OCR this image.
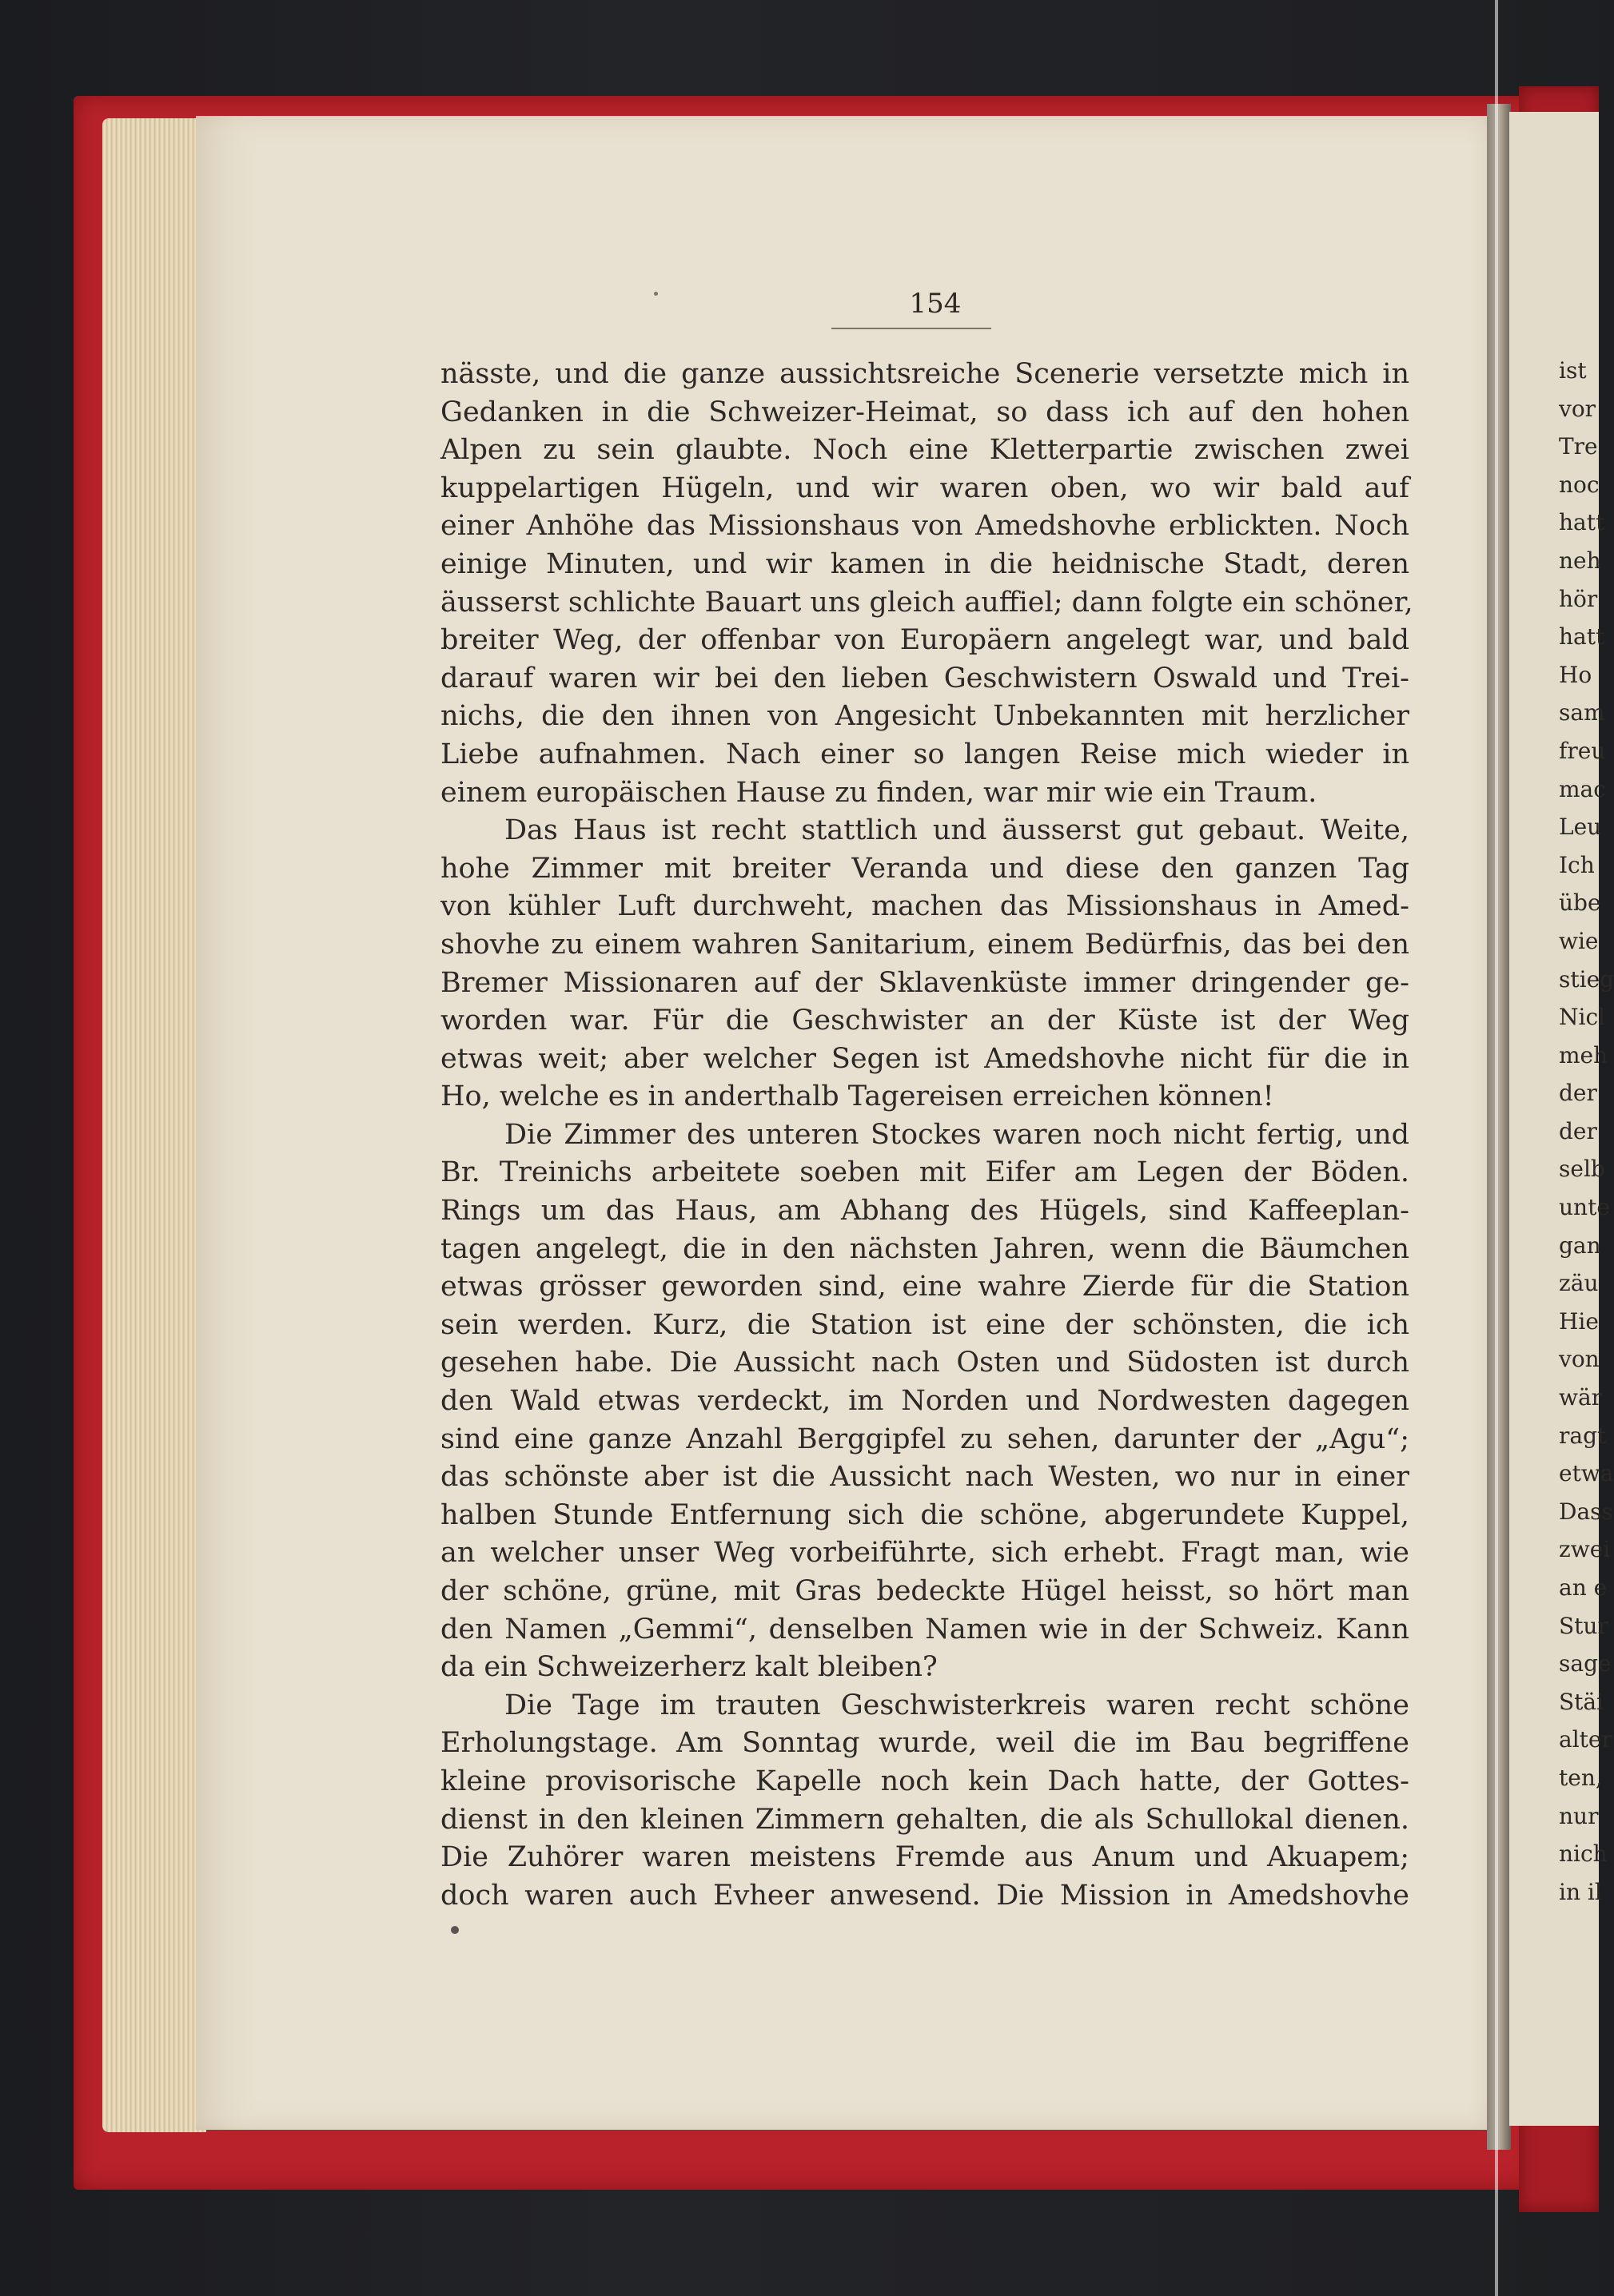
154
nässte, und die ganze aussichtsreiche Scenerie versetzte mich in
Gedanken in die Schweizer-Heimat, so dass ich auf den hohen
Alpen zu sein glaubte. Noch eine Kletterpartie zwischen zwei
kuppelartigen Hügeln, und wir waren oben, wo wir bald auf
einer Anhöhe das Missionshaus von Amedshovhe erblickten. Noch
einige Minuten, und wir kamen in die heidnische Stadt, deren
äusserst schlichte Bauart uns gleich auffiel; dann folgte ein schöner,
breiter Weg, der offenbar von Europäern angelegt war, und bald
darauf waren wir bei den lieben Geschwistern Oswald und Trei-
nichs, die den ihnen von Angesicht Unbekannten mit herzlicher
Liebe aufnahmen. Nach einer so langen Reise mich wieder in
einem europäischen Hause zu finden, war mir wie ein Traum.
Das Haus ist recht stattlich und äusserst gut gebaut. Weite,
hohe Zimmer mit breiter Veranda und diese den ganzen Tag
von kühler Luft durchweht, machen das Missionshaus in Amed-
shovhe zu einem wahren Sanitarium, einem Bedürfnis, das bei den
Bremer Missionaren auf der Sklavenküste immer dringender ge-
worden war. Für die Geschwister an der Küste ist der Weg
etwas weit; aber welcher Segen ist Amedshovhe nicht für die in
Ho, welche es in anderthalb Tagereisen erreichen können!
Die Zimmer des unteren Stockes waren noch nicht fertig, und
Br. Treinichs arbeitete soeben mit Eifer am Legen der Böden.
Rings um das Haus, am Abhang des Hügels, sind Kaffeeplan-
tagen angelegt, die in den nächsten Jahren, wenn die Bäumchen
etwas grösser geworden sind, eine wahre Zierde für die Station
sein werden. Kurz, die Station ist eine der schönsten, die ich
gesehen habe. Die Aussicht nach Osten und Südosten ist durch
den Wald etwas verdeckt, im Norden und Nordwesten dagegen
sind eine ganze Anzahl Berggipfel zu sehen, darunter der „Agu“;
das schönste aber ist die Aussicht nach Westen, wo nur in einer
halben Stunde Entfernung sich die schöne, abgerundete Kuppel,
an welcher unser Weg vorbeiführte, sich erhebt. Fragt man, wie
der schöne, grüne, mit Gras bedeckte Hügel heisst, so hört man
den Namen „Gemmi“, denselben Namen wie in der Schweiz. Kann
da ein Schweizerherz kalt bleiben?
Die Tage im trauten Geschwisterkreis waren recht schöne
Erholungstage. Am Sonntag wurde, weil die im Bau begriffene
kleine provisorische Kapelle noch kein Dach hatte, der Gottes-
dienst in den kleinen Zimmern gehalten, die als Schullokal dienen.
Die Zuhörer waren meistens Fremde aus Anum und Akuapem;
doch waren auch Evheer anwesend. Die Mission in Amedshovhe
ist
vor
Tre
noc
hatt
neh
hör
hatt
Ho
sam
freu
mac
Leu
Ich
übe
wie
stieg
Nicl
meh
der
der
selb
unte
gan
zäu
Hie
von
wär
ragt
etwa
Dass
zwei
an e
Stur
sage
Stäi
alter
ten,
nur
nich
in il
